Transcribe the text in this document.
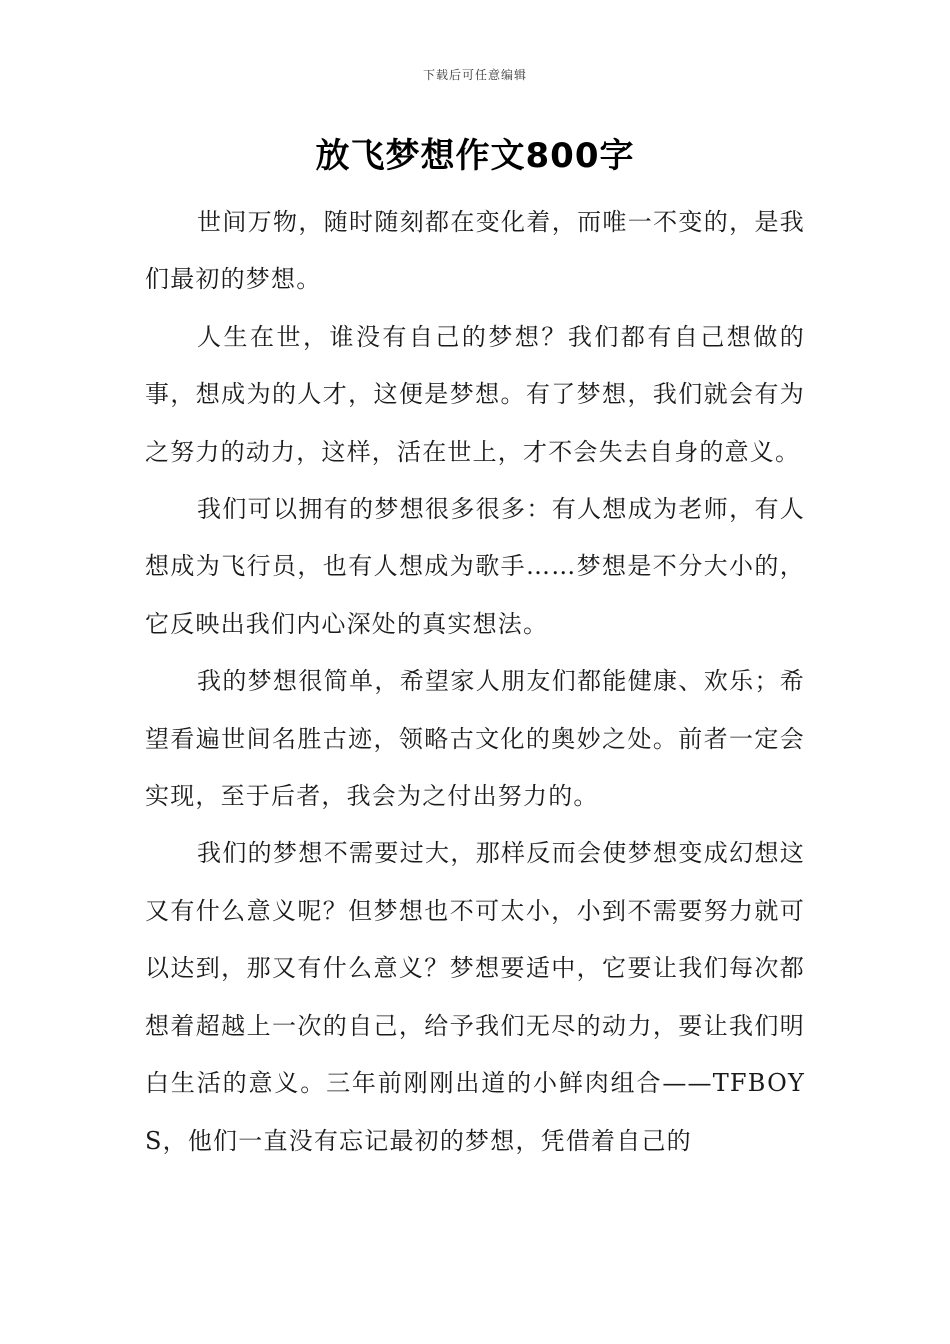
下载后可任意编辑
放飞梦想作文800字

世间万物，随时随刻都在变化着，而唯一不变的，是我们最初的梦想。

人生在世，谁没有自己的梦想？我们都有自己想做的事，想成为的人才，这便是梦想。有了梦想，我们就会有为之努力的动力，这样，活在世上，才不会失去自身的意义。

我们可以拥有的梦想很多很多：有人想成为老师，有人想成为飞行员，也有人想成为歌手……梦想是不分大小的，它反映出我们内心深处的真实想法。

我的梦想很简单，希望家人朋友们都能健康、欢乐；希望看遍世间名胜古迹，领略古文化的奥妙之处。前者一定会实现，至于后者，我会为之付出努力的。

我们的梦想不需要过大，那样反而会使梦想变成幻想这又有什么意义呢？但梦想也不可太小，小到不需要努力就可以达到，那又有什么意义？梦想要适中，它要让我们每次都想着超越上一次的自己，给予我们无尽的动力，要让我们明白生活的意义。三年前刚刚出道的小鲜肉组合——TFBOYS，他们一直没有忘记最初的梦想，凭借着自己的
